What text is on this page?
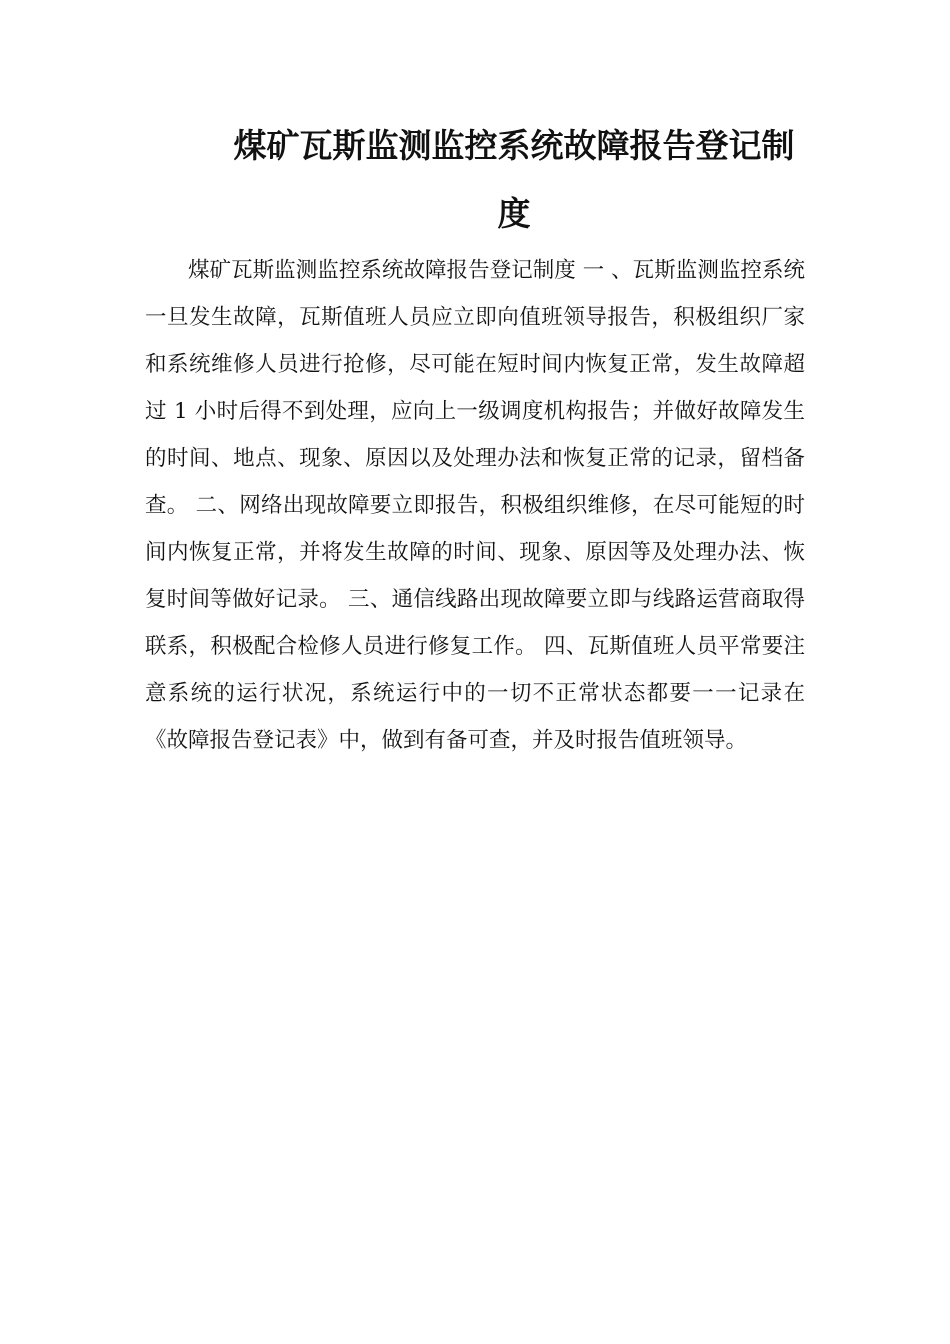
煤矿瓦斯监测监控系统故障报告登记制度

煤矿瓦斯监测监控系统故障报告登记制度 一 、瓦斯监测监控系统一旦发生故障，瓦斯值班人员应立即向值班领导报告，积极组织厂家和系统维修人员进行抢修，尽可能在短时间内恢复正常，发生故障超过 1 小时后得不到处理，应向上一级调度机构报告；并做好故障发生的时间、地点、现象、原因以及处理办法和恢复正常的记录，留档备查。 二、网络出现故障要立即报告，积极组织维修，在尽可能短的时间内恢复正常，并将发生故障的时间、现象、原因等及处理办法、恢复时间等做好记录。 三、通信线路出现故障要立即与线路运营商取得联系，积极配合检修人员进行修复工作。 四、瓦斯值班人员平常要注意系统的运行状况，系统运行中的一切不正常状态都要一一记录在《故障报告登记表》中，做到有备可查，并及时报告值班领导。
